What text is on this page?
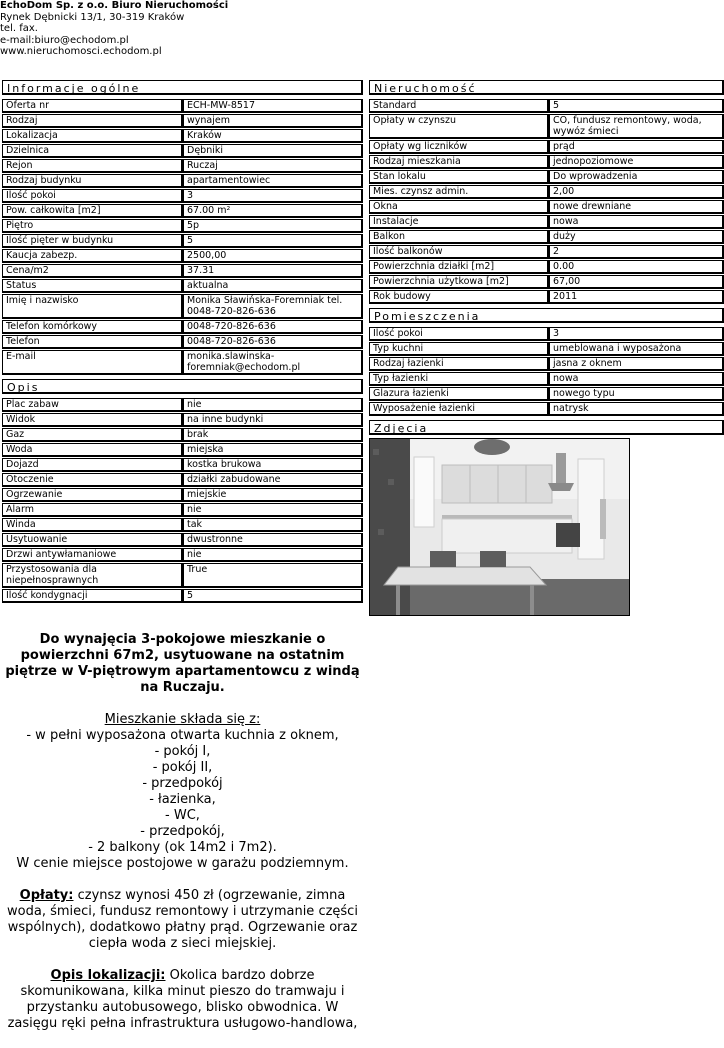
EchoDom Sp. z o.o. Biuro Nieruchomości
Rynek Dębnicki 13/1, 30-319 Kraków
tel. fax.
e-mail:biuro@echodom.pl
www.nieruchomosci.echodom.pl
Informacje ogólne
Oferta nr	ECH-MW-8517
Rodzaj	wynajem
Lokalizacja	Kraków
Dzielnica	Dębniki
Rejon	Ruczaj
Rodzaj budynku	apartamentowiec
Ilość pokoi	3
Pow. całkowita [m2]	67.00 m²
Piętro	5p
Ilość pięter w budynku	5
Kaucja zabezp.	2500,00
Cena/m2	37.31
Status	aktualna
Imię i nazwisko	Monika Sławińska-Foremniak tel. 0048-720-826-636
Telefon komórkowy	0048-720-826-636
Telefon	0048-720-826-636
E-mail	monika.slawinska-foremniak@echodom.pl
Opis
Plac zabaw	nie
Widok	na inne budynki
Gaz	brak
Woda	miejska
Dojazd	kostka brukowa
Otoczenie	działki zabudowane
Ogrzewanie	miejskie
Alarm	nie
Winda	tak
Usytuowanie	dwustronne
Drzwi antywłamaniowe	nie
Przystosowania dla niepełnosprawnych	True
Ilość kondygnacji	5
Nieruchomość
Standard	5
Opłaty w czynszu	CO, fundusz remontowy, woda, wywóz śmieci
Opłaty wg liczników	prąd
Rodzaj mieszkania	jednopoziomowe
Stan lokalu	Do wprowadzenia
Mies. czynsz admin.	2,00
Okna	nowe drewniane
Instalacje	nowa
Balkon	duży
Ilość balkonów	2
Powierzchnia działki [m2]	0.00
Powierzchnia użytkowa [m2]	67,00
Rok budowy	2011
Pomieszczenia
Ilość pokoi	3
Typ kuchni	umeblowana i wyposażona
Rodzaj łazienki	jasna z oknem
Typ łazienki	nowa
Glazura łazienki	nowego typu
Wyposażenie łazienki	natrysk
Zdjęcia

Do wynajęcia 3-pokojowe mieszkanie o powierzchni 67m2, usytuowane na ostatnim piętrze w V-piętrowym apartamentowcu z windą na Ruczaju.

Mieszkanie składa się z:
- w pełni wyposażona otwarta kuchnia z oknem,
- pokój I,
- pokój II,
- przedpokój
- łazienka,
- WC,
- przedpokój,
- 2 balkony (ok 14m2 i 7m2).

W cenie miejsce postojowe w garażu podziemnym.

Opłaty: czynsz wynosi 450 zł (ogrzewanie, zimna woda, śmieci, fundusz remontowy i utrzymanie części wspólnych), dodatkowo płatny prąd. Ogrzewanie oraz ciepła woda z sieci miejskiej.

Opis lokalizacji: Okolica bardzo dobrze skomunikowana, kilka minut pieszo do tramwaju i przystanku autobusowego, blisko obwodnica. W zasięgu ręki pełna infrastruktura usługowo-handlowa,
